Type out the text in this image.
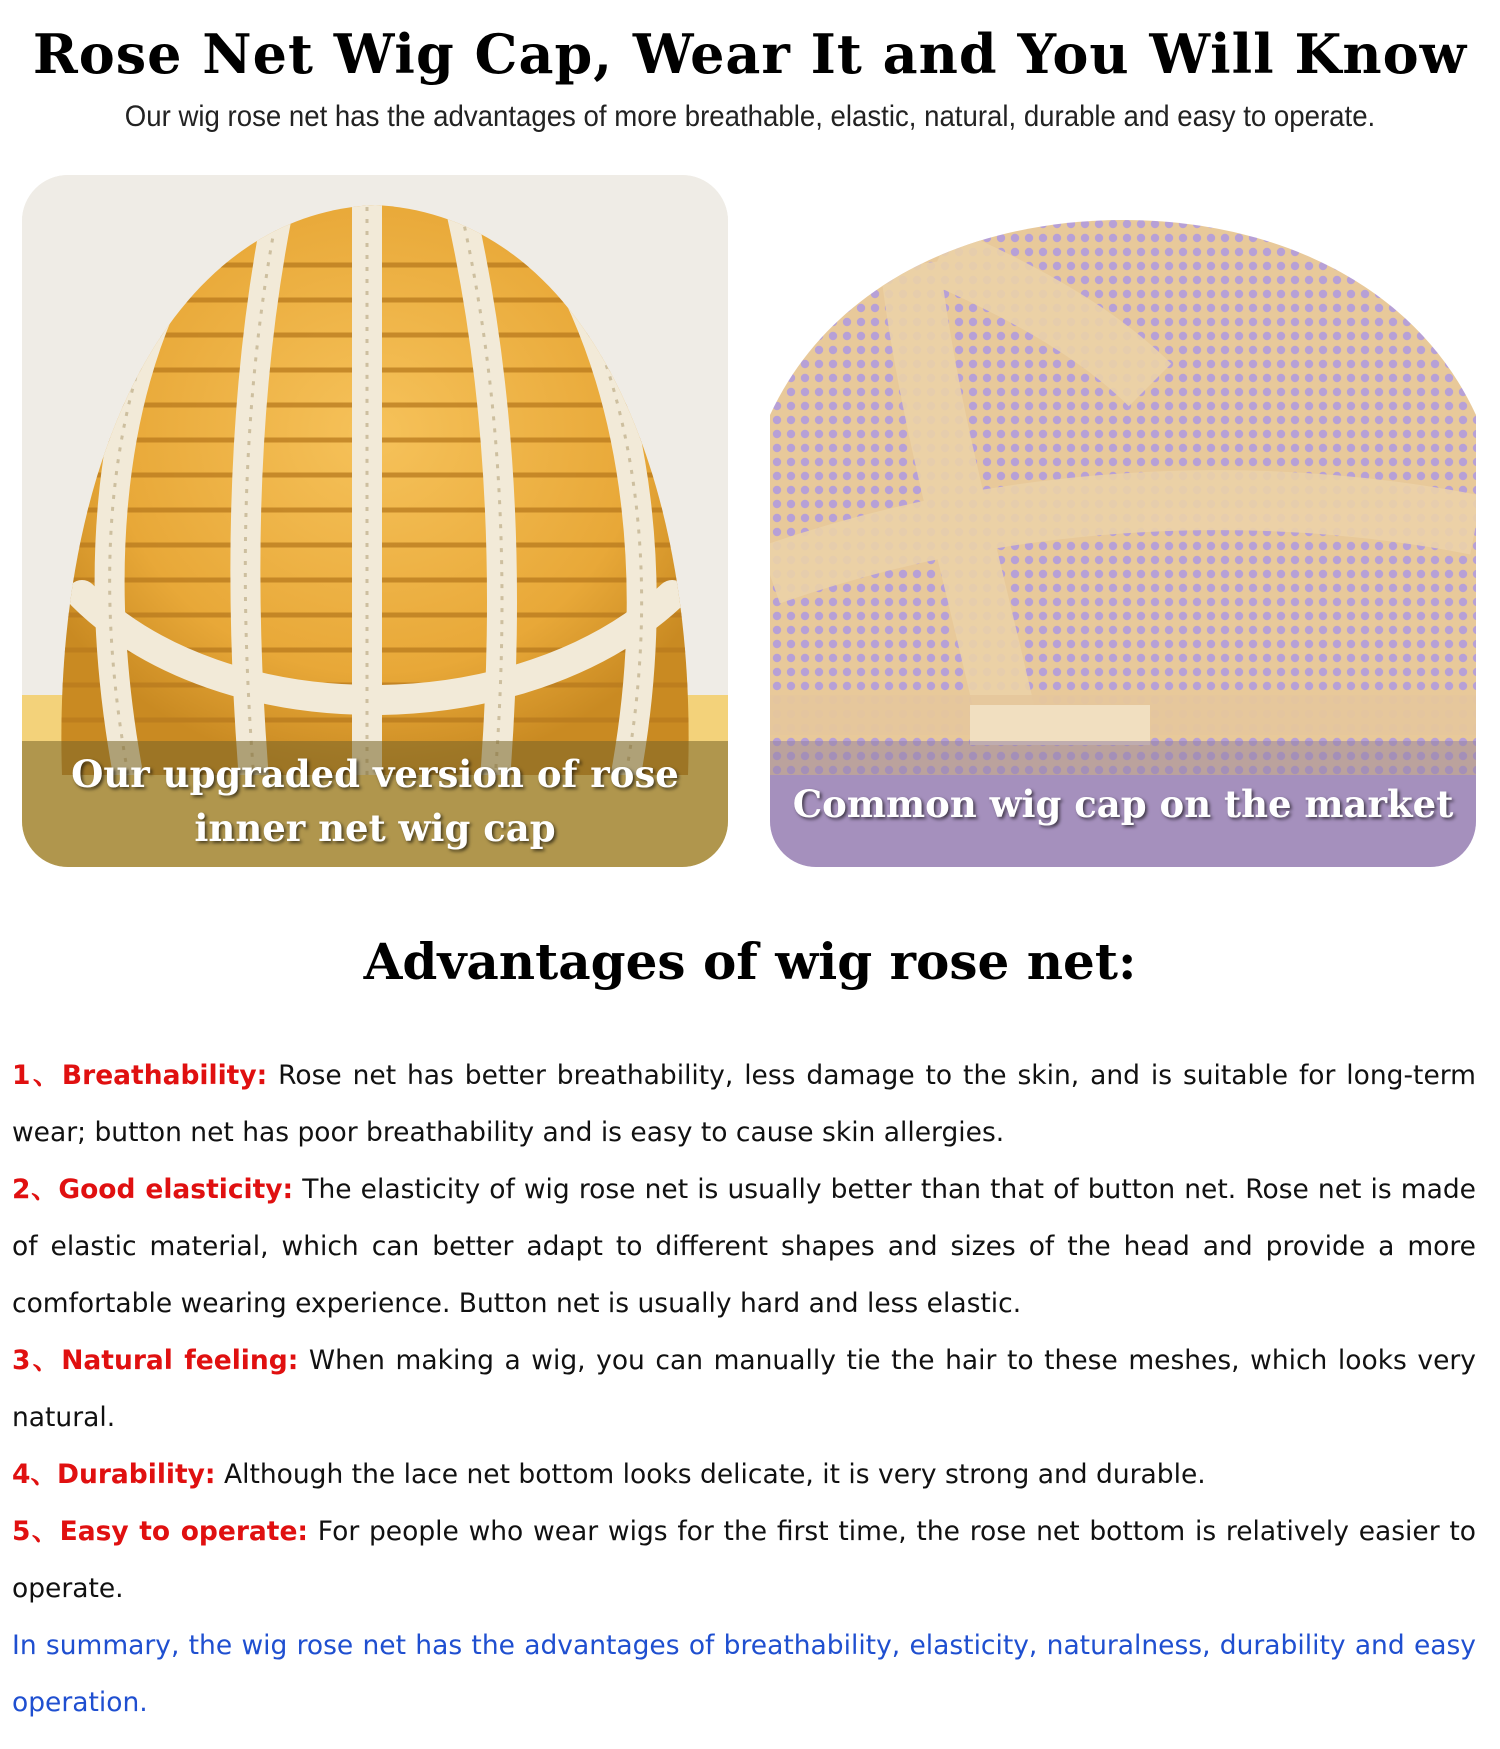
Rose Net Wig Cap, Wear It and You Will Know
Our wig rose net has the advantages of more breathable, elastic, natural, durable and easy to operate.
Our upgraded version of rose
inner net wig cap
Common wig cap on the market
Advantages of wig rose net:

1、Breathability: Rose net has better breathability, less damage to the skin, and is suitable for long-term wear; button net has poor breathability and is easy to cause skin allergies.

2、Good elasticity: The elasticity of wig rose net is usually better than that of button net. Rose net is made of elastic material, which can better adapt to different shapes and sizes of the head and provide a more comfortable wearing experience. Button net is usually hard and less elastic.

3、Natural feeling: When making a wig, you can manually tie the hair to these meshes, which looks very natural.

4、Durability: Although the lace net bottom looks delicate, it is very strong and durable.

5、Easy to operate: For people who wear wigs for the first time, the rose net bottom is relatively easier to operate.

In summary, the wig rose net has the advantages of breathability, elasticity, naturalness, durability and easy operation.
